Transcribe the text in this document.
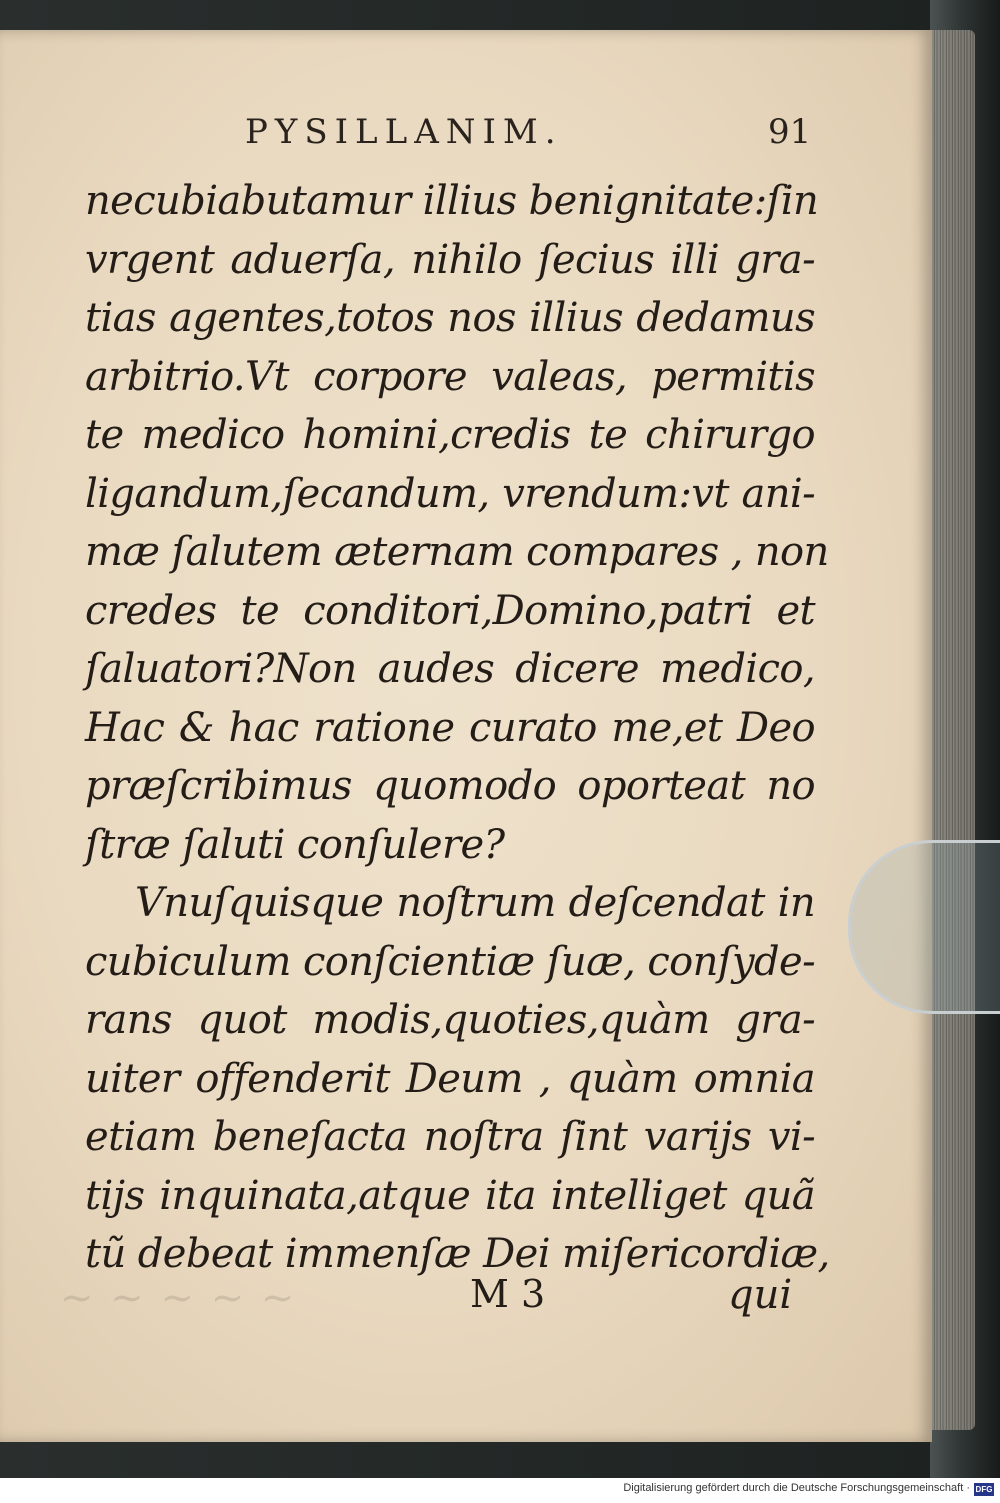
~ ~ ~ ~ ~
PYSILLANIM.	91
necubiabutamur illius benignitate:ſin
vrgent aduerſa, nihilo ſecius illi gra-
tias agentes,totos nos illius dedamus
arbitrio.Vt corpore valeas, permitis
te medico homini,credis te chirurgo
ligandum,ſecandum, vrendum:vt ani-
mæ ſalutem æternam compares , non
credes te conditori,Domino,patri et
ſaluatori?Non audes dicere medico,
Hac & hac ratione curato me,et Deo
præſcribimus quomodo oporteat no
ſtræ ſaluti conſulere?
Vnuſquisque noſtrum deſcendat in
cubiculum conſcientiæ ſuæ, conſyde-
rans quot modis,quoties,quàm gra-
uiter offenderit Deum , quàm omnia
etiam beneſacta noſtra ſint varijs vi-
tijs inquinata,atque ita intelliget quã
tũ debeat immenſæ Dei miſericordiæ,
M 3	qui
Digitalisierung gefördert durch die Deutsche Forschungsgemeinschaft · DFG
